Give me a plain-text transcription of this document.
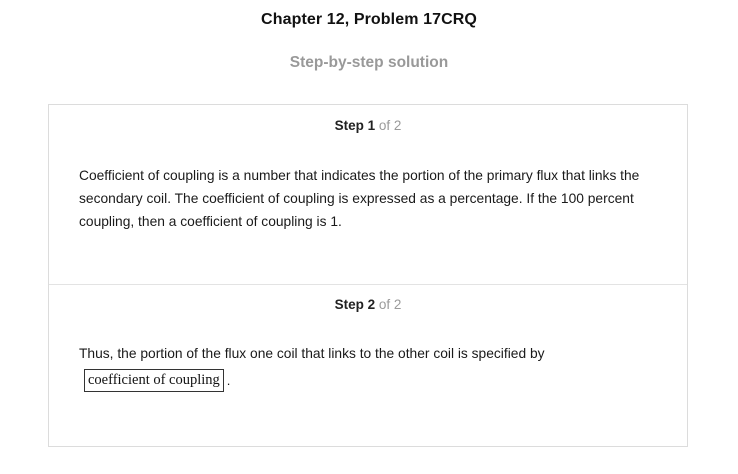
Chapter 12, Problem 17CRQ
Step-by-step solution
Step 1 of 2
Coefficient of coupling is a number that indicates the portion of the primary flux that links the secondary coil. The coefficient of coupling is expressed as a percentage. If the 100 percent coupling, then a coefficient of coupling is 1.
Step 2 of 2
Thus, the portion of the flux one coil that links to the other coil is specified by
coefficient of coupling .
